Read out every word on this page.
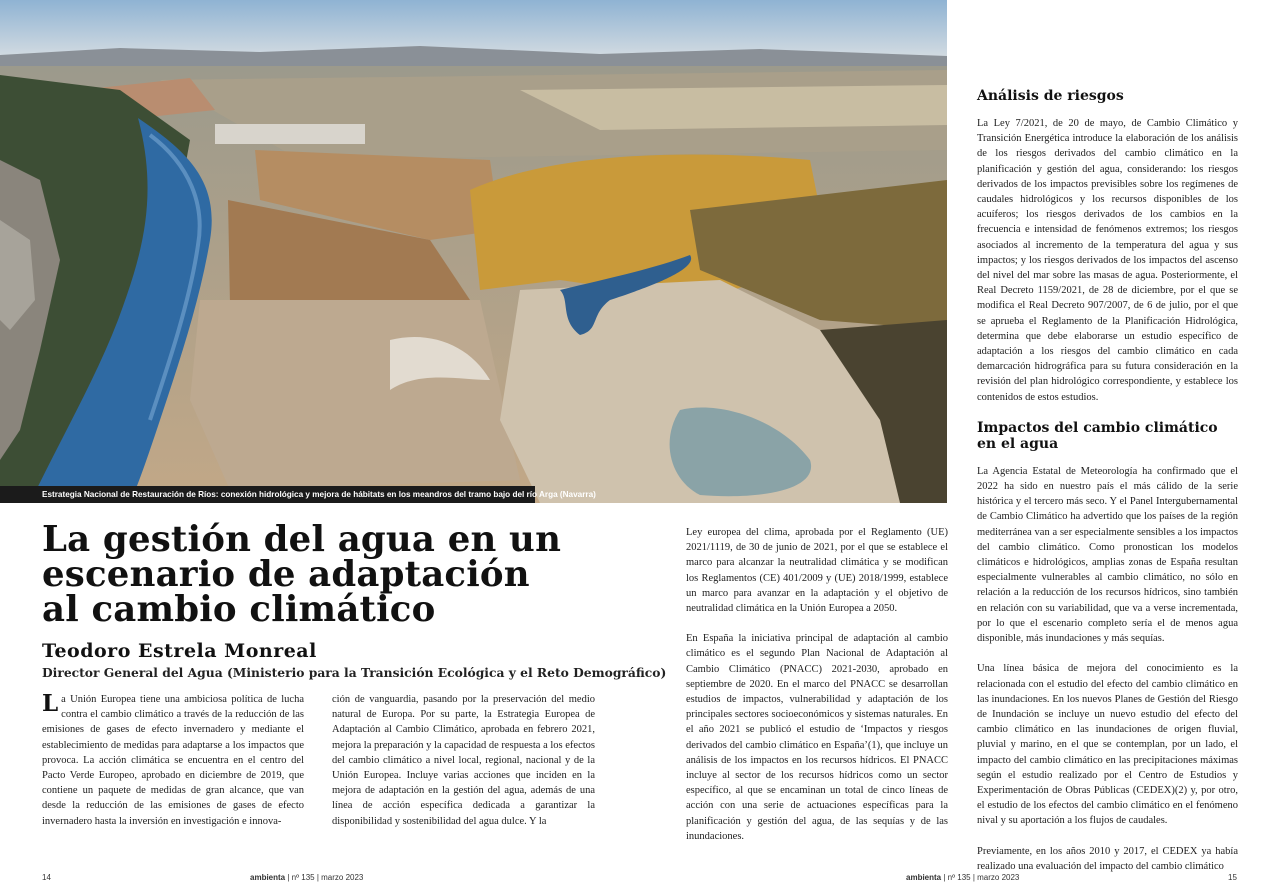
Estrategia Nacional de Restauración de Ríos: conexión hidrológica y mejora de hábitats en los meandros del tramo bajo del río Arga (Navarra)
La gestión del agua en un
escenario de adaptación
al cambio climático
Teodoro Estrela Monreal
Director General del Agua (Ministerio para la Transición Ecológica y el Reto Demográfico)
La Unión Europea tiene una ambiciosa política de lucha contra el cambio climático a través de la reducción de las emisiones de gases de efecto invernadero y mediante el establecimiento de medidas para adaptarse a los impactos que provoca. La acción climática se encuentra en el centro del Pacto Verde Europeo, aprobado en diciembre de 2019, que contiene un paquete de medidas de gran alcance, que van desde la reducción de las emisiones de gases de efecto invernadero hasta la inversión en investigación e innova-
ción de vanguardia, pasando por la preservación del medio natural de Europa. Por su parte, la Estrategia Europea de Adaptación al Cambio Climático, aprobada en febrero 2021, mejora la preparación y la capacidad de respuesta a los efectos del cambio climático a nivel local, regional, nacional y de la Unión Europea. Incluye varias acciones que inciden en la mejora de adaptación en la gestión del agua, además de una línea de acción específica dedicada a garantizar la disponibilidad y sostenibilidad del agua dulce. Y la

Ley europea del clima, aprobada por el Reglamento (UE) 2021/1119, de 30 de junio de 2021, por el que se establece el marco para alcanzar la neutralidad climática y se modifican los Reglamentos (CE) 401/2009 y (UE) 2018/1999, establece un marco para avanzar en la adaptación y el objetivo de neutralidad climática en la Unión Europea a 2050.

En España la iniciativa principal de adaptación al cambio climático es el segundo Plan Nacional de Adaptación al Cambio Climático (PNACC) 2021-2030, aprobado en septiembre de 2020. En el marco del PNACC se desarrollan estudios de impactos, vulnerabilidad y adaptación de los principales sectores socioeconómicos y sistemas naturales. En el año 2021 se publicó el estudio de ‘Impactos y riesgos derivados del cambio climático en España’(1), que incluye un análisis de los impactos en los recursos hídricos. El PNACC incluye al sector de los recursos hídricos como un sector específico, al que se encaminan un total de cinco líneas de acción con una serie de actuaciones específicas para la planificación y gestión del agua, de las sequías y de las inundaciones.

Análisis de riesgos

La Ley 7/2021, de 20 de mayo, de Cambio Climático y Transición Energética introduce la elaboración de los análisis de los riesgos derivados del cambio climático en la planificación y gestión del agua, considerando: los riesgos derivados de los impactos previsibles sobre los regímenes de caudales hidrológicos y los recursos disponibles de los acuíferos; los riesgos derivados de los cambios en la frecuencia e intensidad de fenómenos extremos; los riesgos asociados al incremento de la temperatura del agua y sus impactos; y los riesgos derivados de los impactos del ascenso del nivel del mar sobre las masas de agua. Posteriormente, el Real Decreto 1159/2021, de 28 de diciembre, por el que se modifica el Real Decreto 907/2007, de 6 de julio, por el que se aprueba el Reglamento de la Planificación Hidrológica, determina que debe elaborarse un estudio específico de adaptación a los riesgos del cambio climático en cada demarcación hidrográfica para su futura consideración en la revisión del plan hidrológico correspondiente, y establece los contenidos de estos estudios.

Impactos del cambio climático en el agua

La Agencia Estatal de Meteorología ha confirmado que el 2022 ha sido en nuestro país el más cálido de la serie histórica y el tercero más seco. Y el Panel Intergubernamental de Cambio Climático ha advertido que los países de la región mediterránea van a ser especialmente sensibles a los impactos del cambio climático. Como pronostican los modelos climáticos e hidrológicos, amplias zonas de España resultan especialmente vulnerables al cambio climático, no sólo en relación a la reducción de los recursos hídricos, sino también en relación con su variabilidad, que va a verse incrementada, por lo que el escenario completo sería el de menos agua disponible, más inundaciones y más sequías.

Una línea básica de mejora del conocimiento es la relacionada con el estudio del efecto del cambio climático en las inundaciones. En los nuevos Planes de Gestión del Riesgo de Inundación se incluye un nuevo estudio del efecto del cambio climático en las inundaciones de origen fluvial, pluvial y marino, en el que se contemplan, por un lado, el impacto del cambio climático en las precipitaciones máximas según el estudio realizado por el Centro de Estudios y Experimentación de Obras Públicas (CEDEX)(2) y, por otro, el estudio de los efectos del cambio climático en el fenómeno nival y su aportación a los flujos de caudales.

Previamente, en los años 2010 y 2017, el CEDEX ya había realizado una evaluación del impacto del cambio climático

14	ambienta | nº 135 | marzo 2023	ambienta | nº 135 | marzo 2023	15
